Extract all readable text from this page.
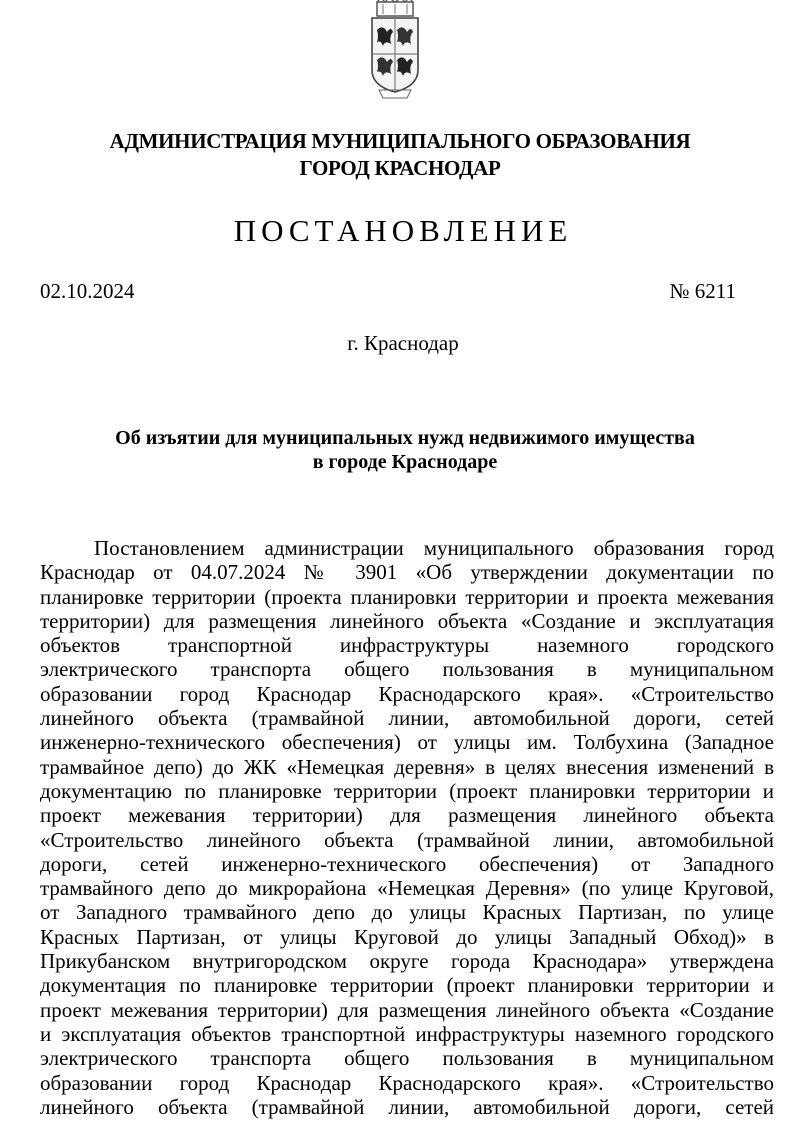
АДМИНИСТРАЦИЯ МУНИЦИПАЛЬНОГО ОБРАЗОВАНИЯ
ГОРОД КРАСНОДАР
ПОСТАНОВЛЕНИЕ
02.10.2024	№ 6211
г. Краснодар
Об изъятии для муниципальных нужд недвижимого имущества
в городе Краснодаре
Постановлением администрации муниципального образования город
Краснодар от 04.07.2024 № 3901 «Об утверждении документации по
планировке территории (проекта планировки территории и проекта межевания
территории) для размещения линейного объекта «Создание и эксплуатация
объектов транспортной инфраструктуры наземного городского
электрического транспорта общего пользования в муниципальном
образовании город Краснодар Краснодарского края». «Строительство
линейного объекта (трамвайной линии, автомобильной дороги, сетей
инженерно-технического обеспечения) от улицы им. Толбухина (Западное
трамвайное депо) до ЖК «Немецкая деревня» в целях внесения изменений в
документацию по планировке территории (проект планировки территории и
проект межевания территории) для размещения линейного объекта
«Строительство линейного объекта (трамвайной линии, автомобильной
дороги, сетей инженерно-технического обеспечения) от Западного
трамвайного депо до микрорайона «Немецкая Деревня» (по улице Круговой,
от Западного трамвайного депо до улицы Красных Партизан, по улице
Красных Партизан, от улицы Круговой до улицы Западный Обход)» в
Прикубанском внутригородском округе города Краснодара» утверждена
документация по планировке территории (проект планировки территории и
проект межевания территории) для размещения линейного объекта «Создание
и эксплуатация объектов транспортной инфраструктуры наземного городского
электрического транспорта общего пользования в муниципальном
образовании город Краснодар Краснодарского края». «Строительство
линейного объекта (трамвайной линии, автомобильной дороги, сетей
